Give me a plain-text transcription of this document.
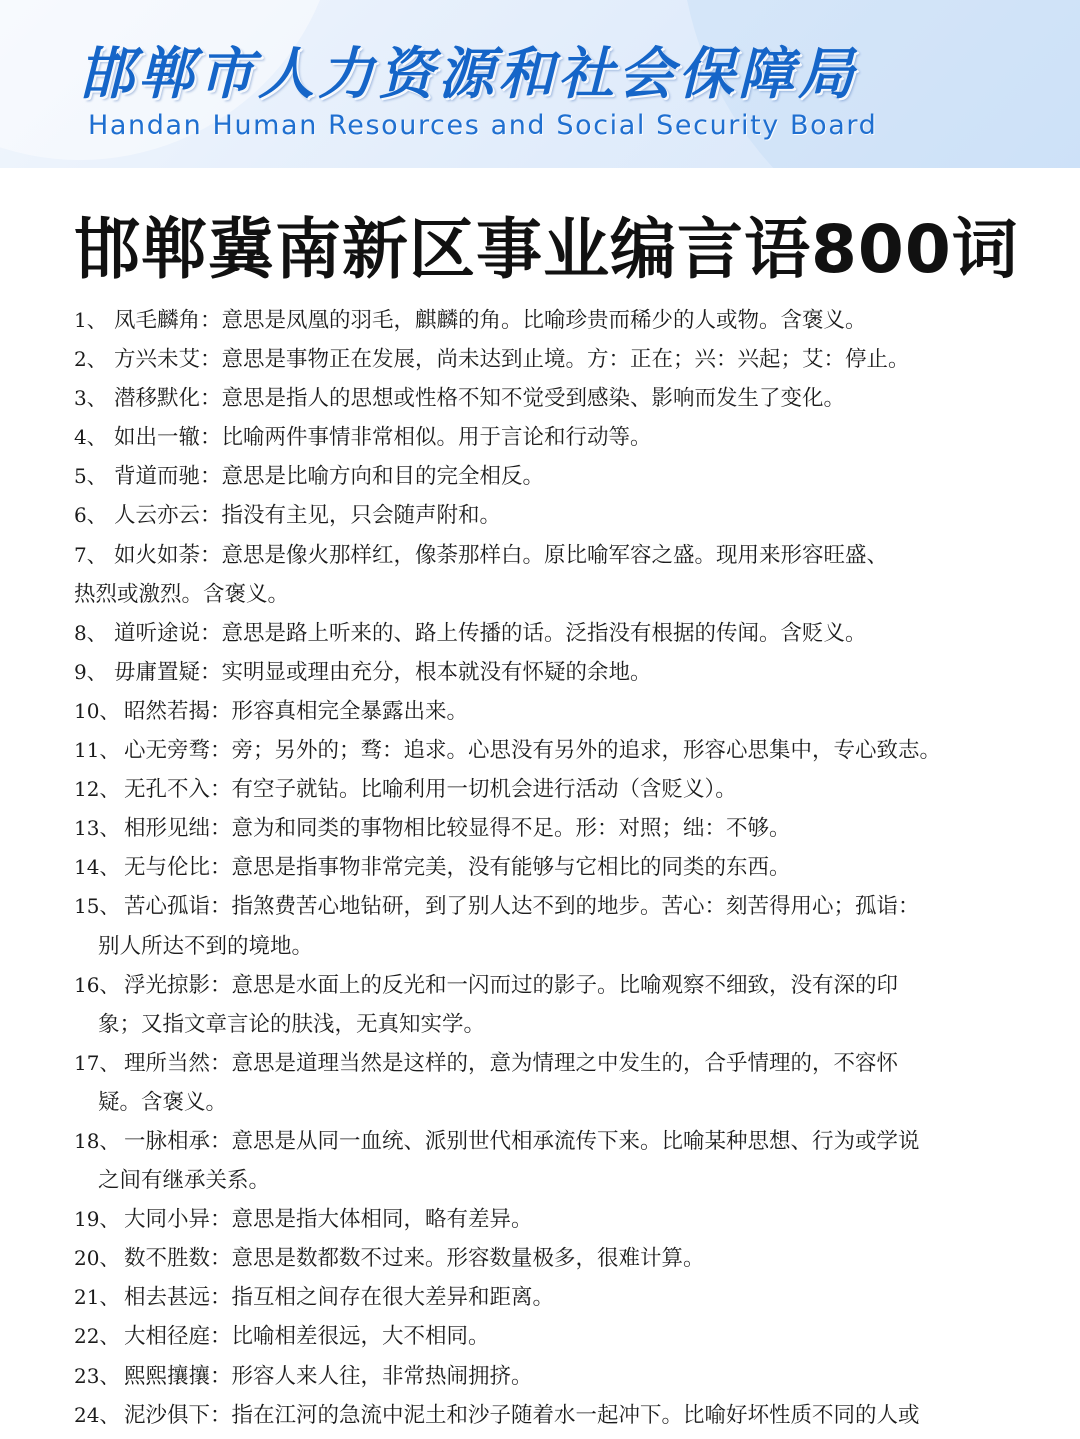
邯郸市人力资源和社会保障局
Handan Human Resources and Social Security Board
邯郸冀南新区事业编言语800词
1、 凤毛麟角：意思是凤凰的羽毛，麒麟的角。比喻珍贵而稀少的人或物。含褒义。
2、 方兴未艾：意思是事物正在发展，尚未达到止境。方：正在；兴：兴起；艾：停止。
3、 潜移默化：意思是指人的思想或性格不知不觉受到感染、影响而发生了变化。
4、 如出一辙：比喻两件事情非常相似。用于言论和行动等。
5、 背道而驰：意思是比喻方向和目的完全相反。
6、 人云亦云：指没有主见，只会随声附和。
7、 如火如荼：意思是像火那样红，像荼那样白。原比喻军容之盛。现用来形容旺盛、
热烈或激烈。含褒义。
8、 道听途说：意思是路上听来的、路上传播的话。泛指没有根据的传闻。含贬义。
9、 毋庸置疑：实明显或理由充分，根本就没有怀疑的余地。
10、 昭然若揭：形容真相完全暴露出来。
11、 心无旁骛：旁；另外的；骛：追求。心思没有另外的追求，形容心思集中，专心致志。
12、 无孔不入：有空子就钻。比喻利用一切机会进行活动（含贬义）。
13、 相形见绌：意为和同类的事物相比较显得不足。形：对照；绌：不够。
14、 无与伦比：意思是指事物非常完美，没有能够与它相比的同类的东西。
15、 苦心孤诣：指煞费苦心地钻研，到了别人达不到的地步。苦心：刻苦得用心；孤诣：
别人所达不到的境地。
16、 浮光掠影：意思是水面上的反光和一闪而过的影子。比喻观察不细致，没有深的印
象；又指文章言论的肤浅，无真知实学。
17、 理所当然：意思是道理当然是这样的，意为情理之中发生的，合乎情理的，不容怀
疑。含褒义。
18、 一脉相承：意思是从同一血统、派别世代相承流传下来。比喻某种思想、行为或学说
之间有继承关系。
19、 大同小异：意思是指大体相同，略有差异。
20、 数不胜数：意思是数都数不过来。形容数量极多，很难计算。
21、 相去甚远：指互相之间存在很大差异和距离。
22、 大相径庭：比喻相差很远，大不相同。
23、 熙熙攘攘：形容人来人往，非常热闹拥挤。
24、 泥沙俱下：指在江河的急流中泥土和沙子随着水一起冲下。比喻好坏性质不同的人或
